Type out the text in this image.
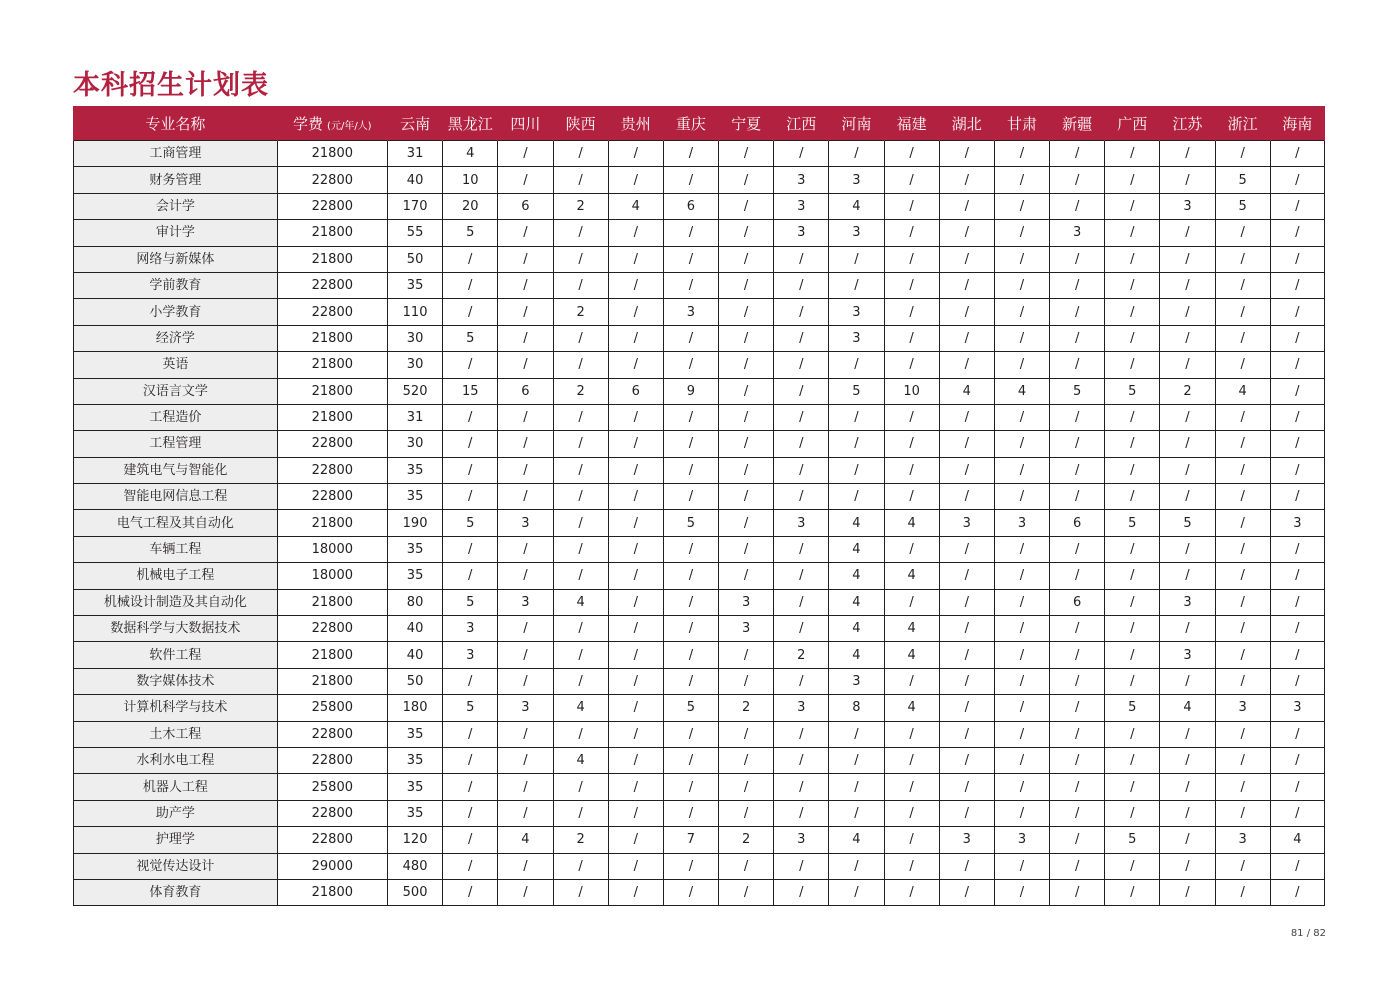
本科招生计划表
专业名称	学费 (元/年/人)	云南	黑龙江	四川	陕西	贵州	重庆	宁夏	江西	河南	福建	湖北	甘肃	新疆	广西	江苏	浙江	海南
工商管理	21800	31	4	/	/	/	/	/	/	/	/	/	/	/	/	/	/	/
财务管理	22800	40	10	/	/	/	/	/	3	3	/	/	/	/	/	/	5	/
会计学	22800	170	20	6	2	4	6	/	3	4	/	/	/	/	/	3	5	/
审计学	21800	55	5	/	/	/	/	/	3	3	/	/	/	3	/	/	/	/
网络与新媒体	21800	50	/	/	/	/	/	/	/	/	/	/	/	/	/	/	/	/
学前教育	22800	35	/	/	/	/	/	/	/	/	/	/	/	/	/	/	/	/
小学教育	22800	110	/	/	2	/	3	/	/	3	/	/	/	/	/	/	/	/
经济学	21800	30	5	/	/	/	/	/	/	3	/	/	/	/	/	/	/	/
英语	21800	30	/	/	/	/	/	/	/	/	/	/	/	/	/	/	/	/
汉语言文学	21800	520	15	6	2	6	9	/	/	5	10	4	4	5	5	2	4	/
工程造价	21800	31	/	/	/	/	/	/	/	/	/	/	/	/	/	/	/	/
工程管理	22800	30	/	/	/	/	/	/	/	/	/	/	/	/	/	/	/	/
建筑电气与智能化	22800	35	/	/	/	/	/	/	/	/	/	/	/	/	/	/	/	/
智能电网信息工程	22800	35	/	/	/	/	/	/	/	/	/	/	/	/	/	/	/	/
电气工程及其自动化	21800	190	5	3	/	/	5	/	3	4	4	3	3	6	5	5	/	3
车辆工程	18000	35	/	/	/	/	/	/	/	4	/	/	/	/	/	/	/	/
机械电子工程	18000	35	/	/	/	/	/	/	/	4	4	/	/	/	/	/	/	/
机械设计制造及其自动化	21800	80	5	3	4	/	/	3	/	4	/	/	/	6	/	3	/	/
数据科学与大数据技术	22800	40	3	/	/	/	/	3	/	4	4	/	/	/	/	/	/	/
软件工程	21800	40	3	/	/	/	/	/	2	4	4	/	/	/	/	3	/	/
数字媒体技术	21800	50	/	/	/	/	/	/	/	3	/	/	/	/	/	/	/	/
计算机科学与技术	25800	180	5	3	4	/	5	2	3	8	4	/	/	/	5	4	3	3
土木工程	22800	35	/	/	/	/	/	/	/	/	/	/	/	/	/	/	/	/
水利水电工程	22800	35	/	/	4	/	/	/	/	/	/	/	/	/	/	/	/	/
机器人工程	25800	35	/	/	/	/	/	/	/	/	/	/	/	/	/	/	/	/
助产学	22800	35	/	/	/	/	/	/	/	/	/	/	/	/	/	/	/	/
护理学	22800	120	/	4	2	/	7	2	3	4	/	3	3	/	5	/	3	4
视觉传达设计	29000	480	/	/	/	/	/	/	/	/	/	/	/	/	/	/	/	/
体育教育	21800	500	/	/	/	/	/	/	/	/	/	/	/	/	/	/	/	/
81 / 82
